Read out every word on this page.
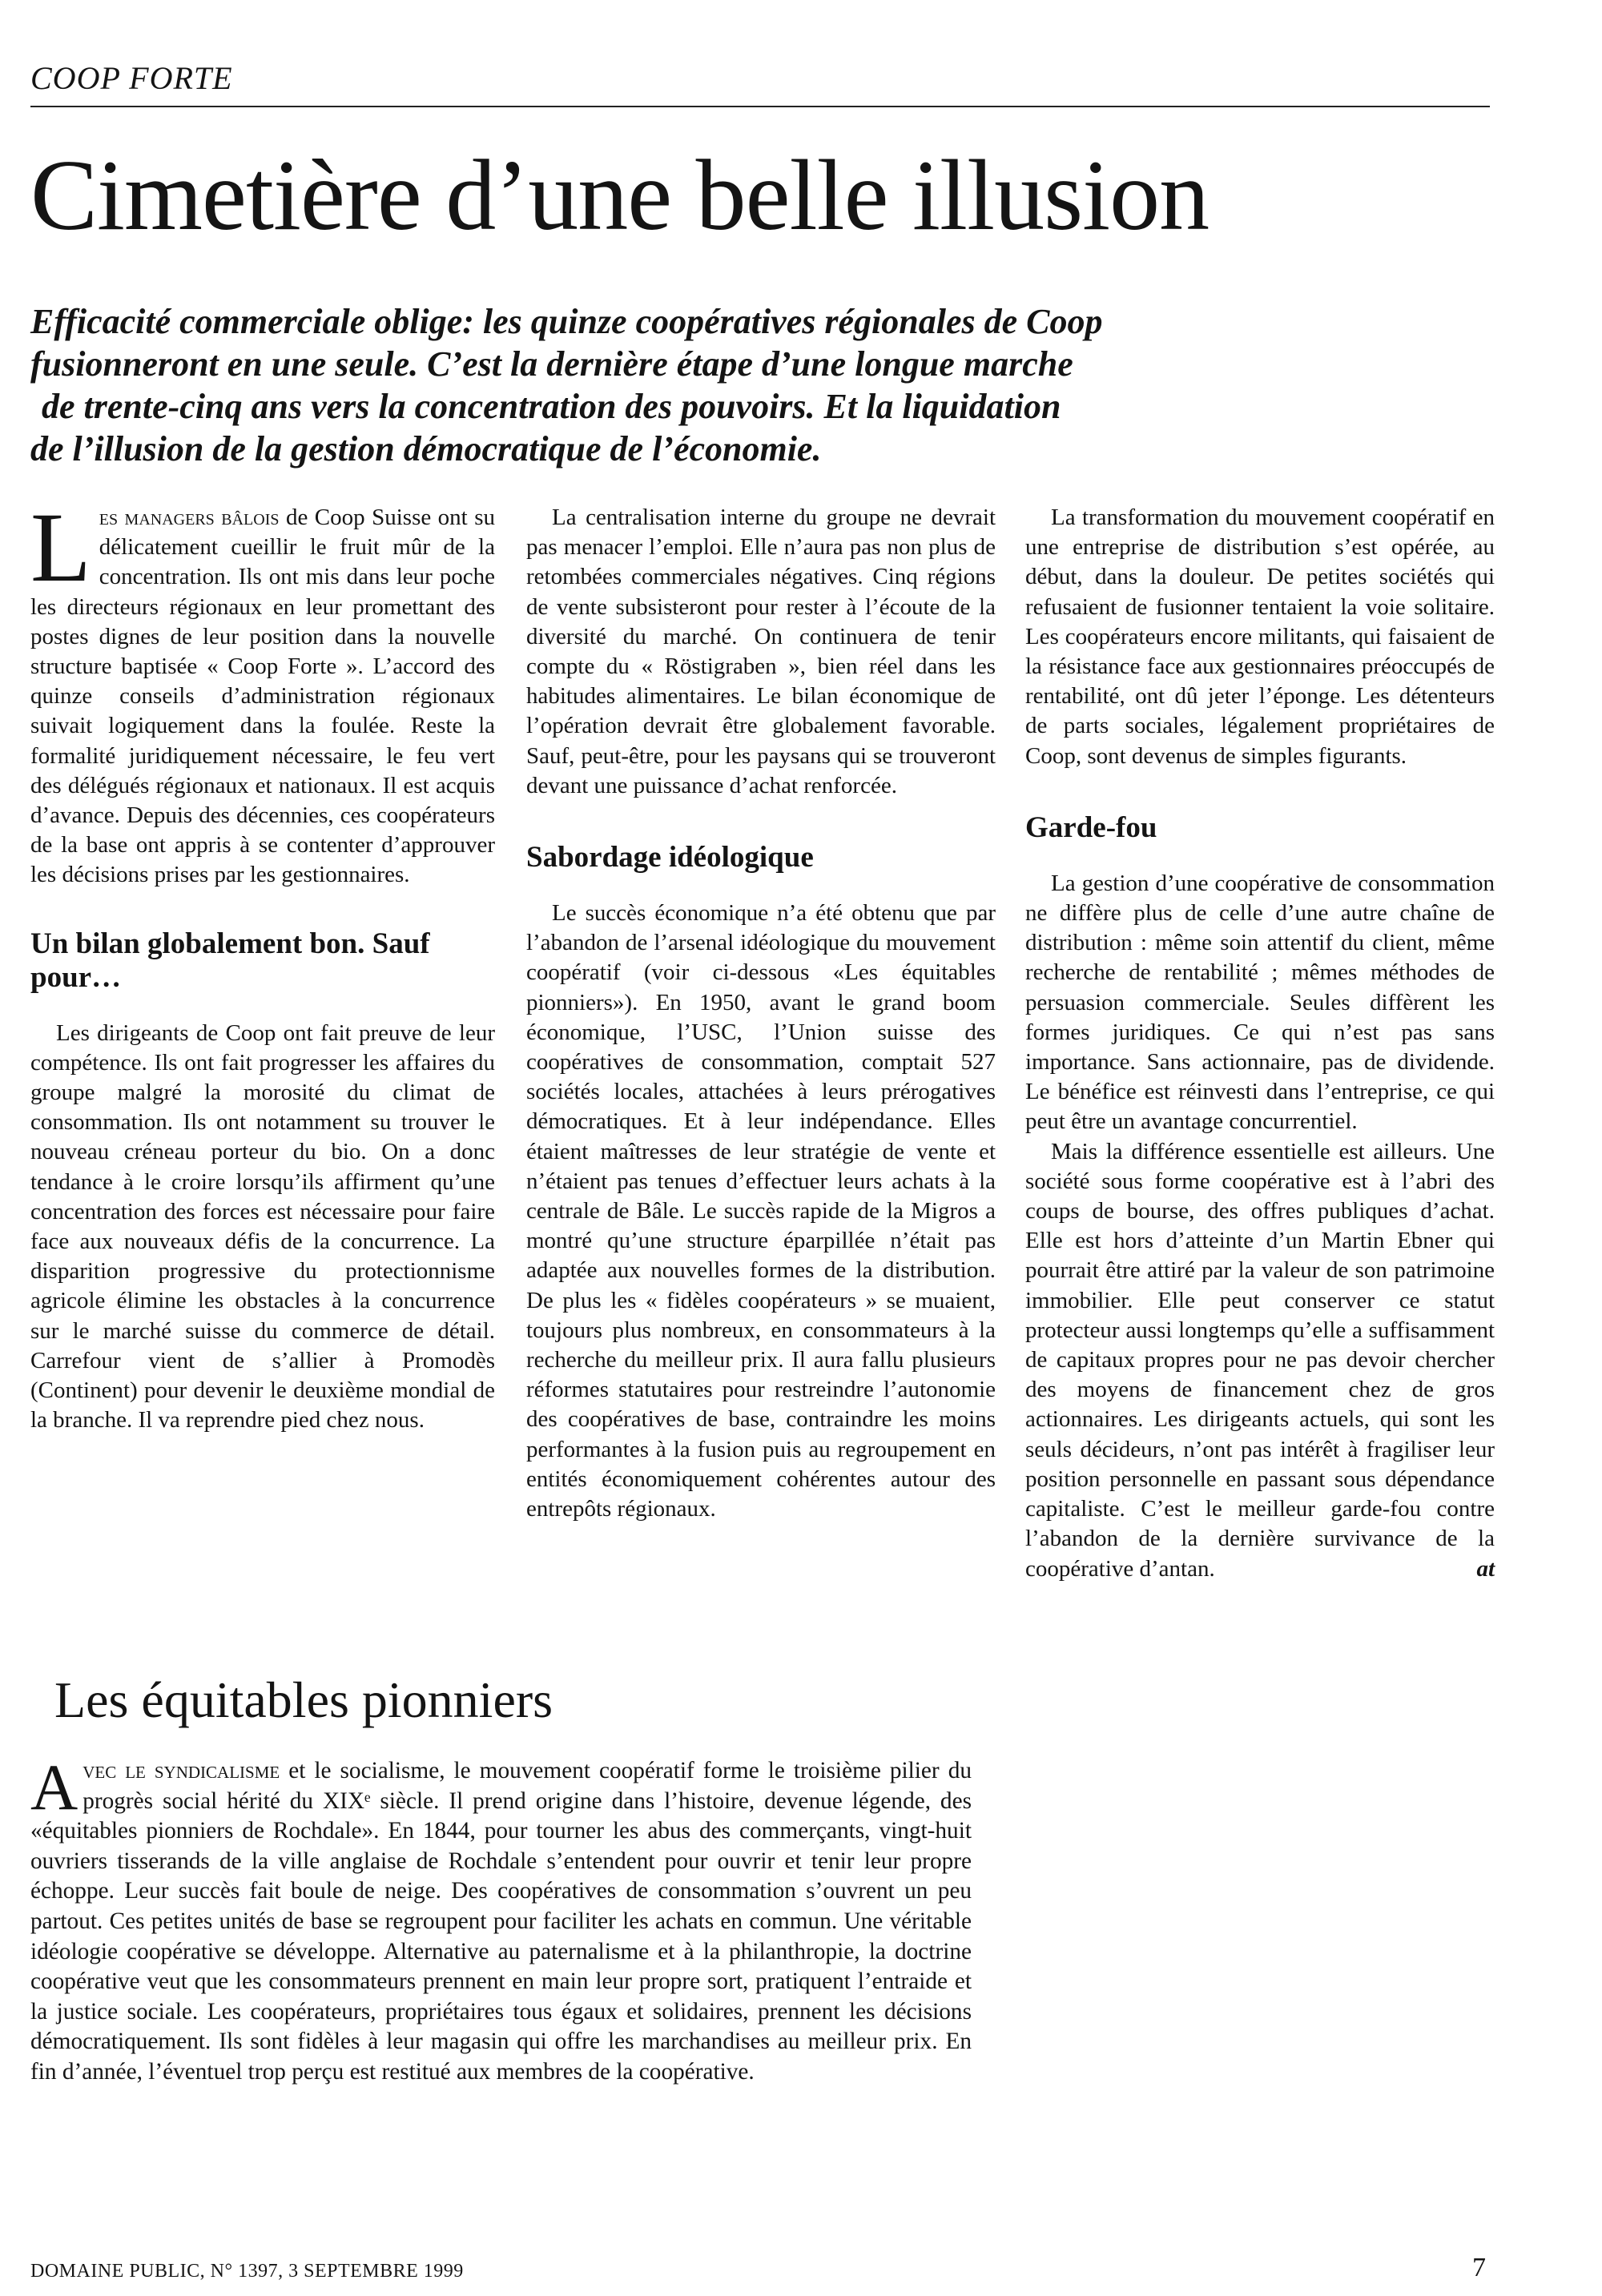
COOP FORTE
Cimetière d’une belle illusion

Efficacité commerciale oblige: les quinze coopératives régionales de Coop

fusionneront en une seule. C’est la dernière étape d’une longue marche

de trente-cinq ans vers la concentration des pouvoirs. Et la liquidation

de l’illusion de la gestion démocratique de l’économie.

Les managers bâlois de Coop Suisse ont su délicatement cueillir le fruit mûr de la concentration. Ils ont mis dans leur poche les directeurs régionaux en leur promettant des postes dignes de leur position dans la nouvelle structure baptisée « Coop Forte ». L’accord des quinze conseils d’administration régionaux suivait logiquement dans la foulée. Reste la formalité juridiquement nécessaire, le feu vert des délégués régionaux et nationaux. Il est acquis d’avance. Depuis des décennies, ces coopérateurs de la base ont appris à se contenter d’approuver les décisions prises par les gestionnaires.

Un bilan globalement bon. Sauf pour…

Les dirigeants de Coop ont fait preuve de leur compétence. Ils ont fait progresser les affaires du groupe malgré la morosité du climat de consommation. Ils ont notamment su trouver le nouveau créneau porteur du bio. On a donc tendance à le croire lorsqu’ils affirment qu’une concentration des forces est nécessaire pour faire face aux nouveaux défis de la concurrence. La disparition progressive du protectionnisme agricole élimine les obstacles à la concurrence sur le marché suisse du commerce de détail. Carrefour vient de s’allier à Promodès (Continent) pour devenir le deuxième mondial de la branche. Il va reprendre pied chez nous.

La centralisation interne du groupe ne devrait pas menacer l’emploi. Elle n’aura pas non plus de retombées commerciales négatives. Cinq régions de vente subsisteront pour rester à l’écoute de la diversité du marché. On continuera de tenir compte du « Röstigraben », bien réel dans les habitudes alimentaires. Le bilan économique de l’opération devrait être globalement favorable. Sauf, peut-être, pour les paysans qui se trouveront devant une puissance d’achat renforcée.

Sabordage idéologique

Le succès économique n’a été obtenu que par l’abandon de l’arsenal idéologique du mouvement coopératif (voir ci-dessous «Les équitables pionniers»). En 1950, avant le grand boom économique, l’USC, l’Union suisse des coopératives de consommation, comptait 527 sociétés locales, attachées à leurs prérogatives démocratiques. Et à leur indépendance. Elles étaient maîtresses de leur stratégie de vente et n’étaient pas tenues d’effectuer leurs achats à la centrale de Bâle. Le succès rapide de la Migros a montré qu’une structure éparpillée n’était pas adaptée aux nouvelles formes de la distribution. De plus les « fidèles coopérateurs » se muaient, toujours plus nombreux, en consommateurs à la recherche du meilleur prix. Il aura fallu plusieurs réformes statutaires pour restreindre l’autonomie des coopératives de base, contraindre les moins performantes à la fusion puis au regroupement en entités économiquement cohérentes autour des entrepôts régionaux.

La transformation du mouvement coopératif en une entreprise de distribution s’est opérée, au début, dans la douleur. De petites sociétés qui refusaient de fusionner tentaient la voie solitaire. Les coopérateurs encore militants, qui faisaient de la résistance face aux gestionnaires préoccupés de rentabilité, ont dû jeter l’éponge. Les détenteurs de parts sociales, légalement propriétaires de Coop, sont devenus de simples figurants.

Garde-fou

La gestion d’une coopérative de consommation ne diffère plus de celle d’une autre chaîne de distribution : même soin attentif du client, même recherche de rentabilité ; mêmes méthodes de persuasion commerciale. Seules diffèrent les formes juridiques. Ce qui n’est pas sans importance. Sans actionnaire, pas de dividende. Le bénéfice est réinvesti dans l’entreprise, ce qui peut être un avantage concurrentiel.

Mais la différence essentielle est ailleurs. Une société sous forme coopérative est à l’abri des coups de bourse, des offres publiques d’achat. Elle est hors d’atteinte d’un Martin Ebner qui pourrait être attiré par la valeur de son patrimoine immobilier. Elle peut conserver ce statut protecteur aussi longtemps qu’elle a suffisamment de capitaux propres pour ne pas devoir chercher des moyens de financement chez de gros actionnaires. Les dirigeants actuels, qui sont les seuls décideurs, n’ont pas intérêt à fragiliser leur position personnelle en passant sous dépendance capitaliste. C’est le meilleur garde-fou contre l’abandon de la dernière survivance de la coopérative d’antan.	at

Les équitables pionniers
Avec le syndicalisme et le socialisme, le mouvement coopératif forme le troisième pilier du progrès social hérité du XIXᵉ siècle. Il prend origine dans l’histoire, devenue légende, des «équitables pionniers de Rochdale». En 1844, pour tourner les abus des commerçants, vingt-huit ouvriers tisserands de la ville anglaise de Rochdale s’entendent pour ouvrir et tenir leur propre échoppe. Leur succès fait boule de neige. Des coopératives de consommation s’ouvrent un peu partout. Ces petites unités de base se regroupent pour faciliter les achats en commun. Une véritable idéologie coopérative se développe. Alternative au paternalisme et à la philanthropie, la doctrine coopérative veut que les consommateurs prennent en main leur propre sort, pratiquent l’entraide et la justice sociale. Les coopérateurs, propriétaires tous égaux et solidaires, prennent les décisions démocratiquement. Ils sont fidèles à leur magasin qui offre les marchandises au meilleur prix. En fin d’année, l’éventuel trop perçu est restitué aux membres de la coopérative.
DOMAINE PUBLIC, N° 1397, 3 SEPTEMBRE 1999	7
